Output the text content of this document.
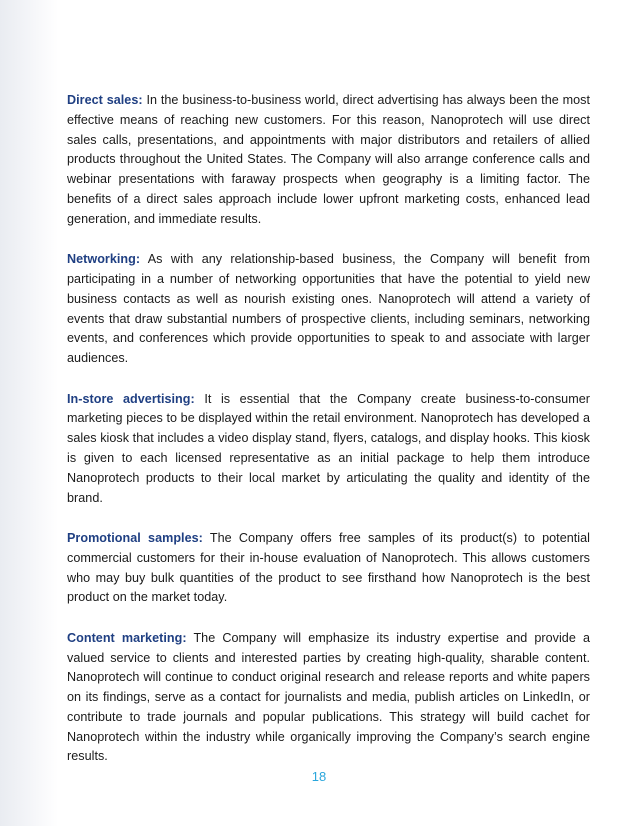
Direct sales: In the business-to-business world, direct advertising has always been the most effective means of reaching new customers. For this reason, Nanoprotech will use direct sales calls, presentations, and appointments with major distributors and retailers of allied products throughout the United States. The Company will also arrange conference calls and webinar presentations with faraway prospects when geography is a limiting factor. The benefits of a direct sales approach include lower upfront marketing costs, enhanced lead generation, and immediate results.

Networking: As with any relationship-based business, the Company will benefit from participating in a number of networking opportunities that have the potential to yield new business contacts as well as nourish existing ones. Nanoprotech will attend a variety of events that draw substantial numbers of prospective clients, including seminars, networking events, and conferences which provide opportunities to speak to and associate with larger audiences.

In-store advertising: It is essential that the Company create business-to-consumer marketing pieces to be displayed within the retail environment. Nanoprotech has developed a sales kiosk that includes a video display stand, flyers, catalogs, and display hooks. This kiosk is given to each licensed representative as an initial package to help them introduce Nanoprotech products to their local market by articulating the quality and identity of the brand.

Promotional samples: The Company offers free samples of its product(s) to potential commercial customers for their in-house evaluation of Nanoprotech. This allows customers who may buy bulk quantities of the product to see firsthand how Nanoprotech is the best product on the market today.

Content marketing: The Company will emphasize its industry expertise and provide a valued service to clients and interested parties by creating high-quality, sharable content. Nanoprotech will continue to conduct original research and release reports and white papers on its findings, serve as a contact for journalists and media, publish articles on LinkedIn, or contribute to trade journals and popular publications. This strategy will build cachet for Nanoprotech within the industry while organically improving the Company’s search engine results.

18
